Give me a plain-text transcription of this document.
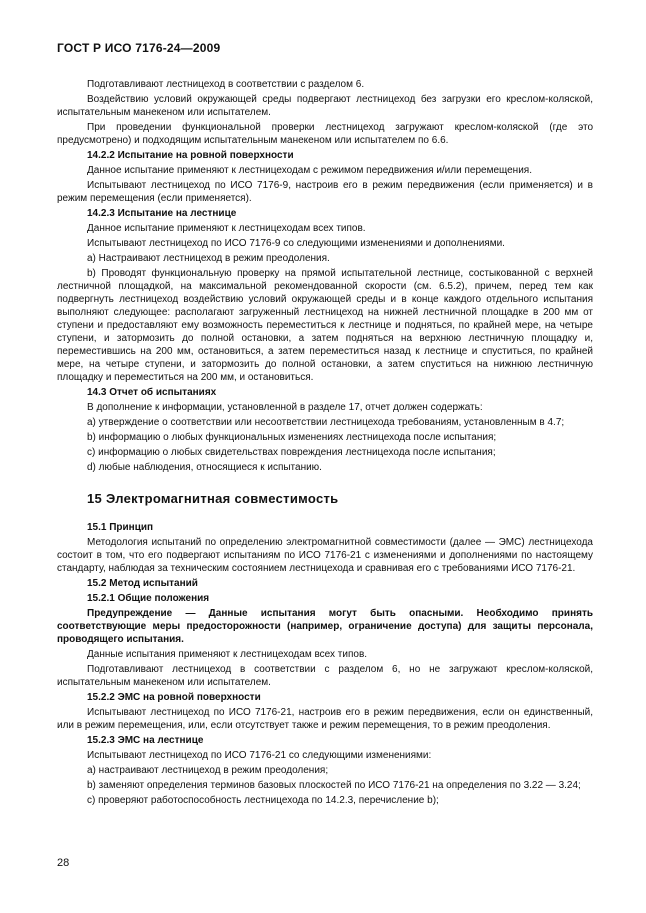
ГОСТ Р ИСО 7176-24—2009

Подготавливают лестницеход в соответствии с разделом 6.

Воздействию условий окружающей среды подвергают лестницеход без загрузки его креслом-коляской, испытательным манекеном или испытателем.

При проведении функциональной проверки лестницеход загружают креслом-коляской (где это предусмотрено) и подходящим испытательным манекеном или испытателем по 6.6.

14.2.2 Испытание на ровной поверхности

Данное испытание применяют к лестницеходам с режимом передвижения и/или перемещения.

Испытывают лестницеход по ИСО 7176-9, настроив его в режим передвижения (если применяется) и в режим перемещения (если применяется).

14.2.3 Испытание на лестнице

Данное испытание применяют к лестницеходам всех типов.

Испытывают лестницеход по ИСО 7176-9 со следующими изменениями и дополнениями.

a) Настраивают лестницеход в режим преодоления.

b) Проводят функциональную проверку на прямой испытательной лестнице, состыкованной с верхней лестничной площадкой, на максимальной рекомендованной скорости (см. 6.5.2), причем, перед тем как подвергнуть лестницеход воздействию условий окружающей среды и в конце каждого отдельного испытания выполняют следующее: располагают загруженный лестницеход на нижней лестничной площадке в 200 мм от ступени и предоставляют ему возможность переместиться к лестнице и подняться, по крайней мере, на четыре ступени, и затормозить до полной остановки, а затем подняться на верхнюю лестничную площадку и, переместившись на 200 мм, остановиться, а затем переместиться назад к лестнице и спуститься, по крайней мере, на четыре ступени, и затормозить до полной остановки, а затем спуститься на нижнюю лестничную площадку и переместиться на 200 мм, и остановиться.

14.3 Отчет об испытаниях

В дополнение к информации, установленной в разделе 17, отчет должен содержать:

a) утверждение о соответствии или несоответствии лестницехода требованиям, установленным в 4.7;

b) информацию о любых функциональных изменениях лестницехода после испытания;

c) информацию о любых свидетельствах повреждения лестницехода после испытания;

d) любые наблюдения, относящиеся к испытанию.

15 Электромагнитная совместимость

15.1 Принцип

Методология испытаний по определению электромагнитной совместимости (далее — ЭМС) лестницехода состоит в том, что его подвергают испытаниям по ИСО 7176-21 с изменениями и дополнениями по настоящему стандарту, наблюдая за техническим состоянием лестницехода и сравнивая его с требованиями ИСО 7176-21.

15.2 Метод испытаний

15.2.1 Общие положения

Предупреждение — Данные испытания могут быть опасными. Необходимо принять соответствующие меры предосторожности (например, ограничение доступа) для защиты персонала, проводящего испытания.

Данные испытания применяют к лестницеходам всех типов.

Подготавливают лестницеход в соответствии с разделом 6, но не загружают креслом-коляской, испытательным манекеном или испытателем.

15.2.2 ЭМС на ровной поверхности

Испытывают лестницеход по ИСО 7176-21, настроив его в режим передвижения, если он единственный, или в режим перемещения, или, если отсутствует также и режим перемещения, то в режим преодоления.

15.2.3 ЭМС на лестнице

Испытывают лестницеход по ИСО 7176-21 со следующими изменениями:

a) настраивают лестницеход в режим преодоления;

b) заменяют определения терминов базовых плоскостей по ИСО 7176-21 на определения по 3.22 — 3.24;

c) проверяют работоспособность лестницехода по 14.2.3, перечисление b);

28
